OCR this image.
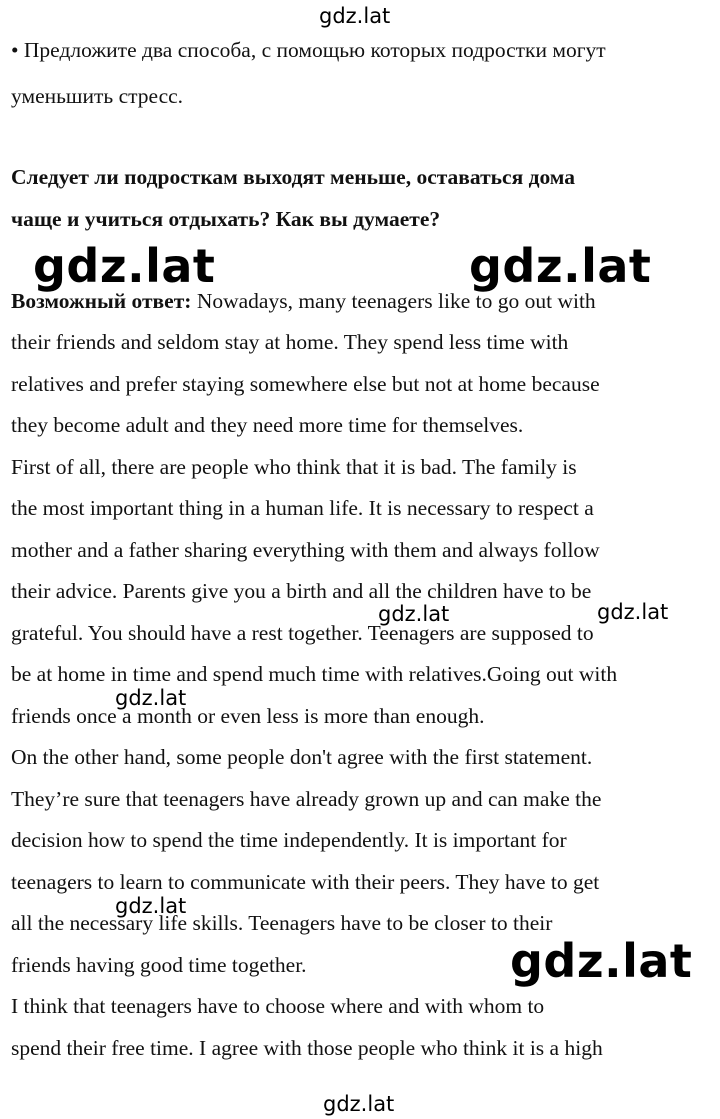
gdz.lat

• Предложите два способа, с помощью которых подростки могут

уменьшить стресс.

Следует ли подросткам выходят меньше, оставаться дома

чаще и учиться отдыхать? Как вы думаете?

gdz.lat	gdz.lat

Возможный ответ: Nowadays, many teenagers like to go out with

their friends and seldom stay at home. They spend less time with

relatives and prefer staying somewhere else but not at home because

they become adult and they need more time for themselves.

First of all, there are people who think that it is bad. The family is

the most important thing in a human life. It is necessary to respect a

mother and a father sharing everything with them and always follow

their advice. Parents give you a birth and all the children have to be

grateful. You should have a rest together. Teenagers are supposed to

be at home in time and spend much time with relatives.Going out with

friends once a month or even less is more than enough.

On the other hand, some people don't agree with the first statement.

They’re sure that teenagers have already grown up and can make the

decision how to spend the time independently. It is important for

teenagers to learn to communicate with their peers. They have to get

all the necessary life skills. Teenagers have to be closer to their

friends having good time together.

I think that teenagers have to choose where and with whom to

spend their free time. I agree with those people who think it is a high

gdz.lat	gdz.lat
gdz.lat
gdz.lat
gdz.lat
gdz.lat
